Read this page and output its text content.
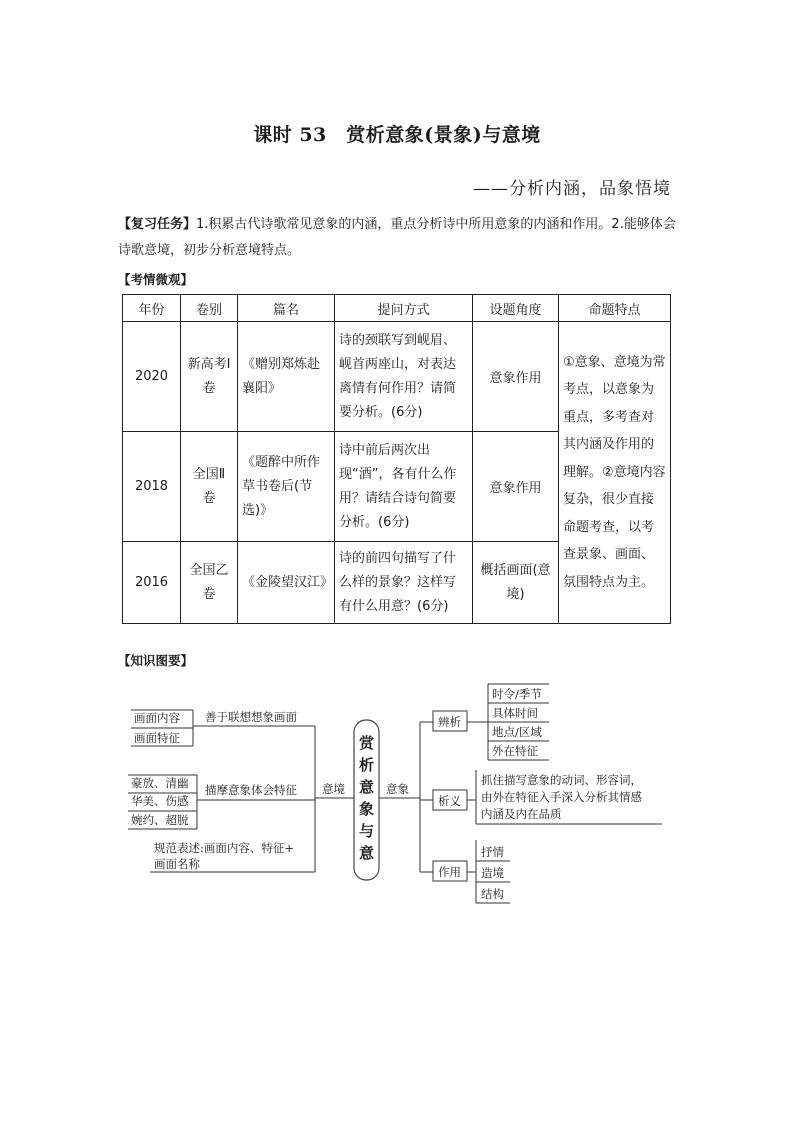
课时 53　赏析意象(景象)与意境
——分析内涵，品象悟境
【复习任务】1.积累古代诗歌常见意象的内涵，重点分析诗中所用意象的内涵和作用。2.能够体会诗歌意境，初步分析意境特点。
【考情微观】
年份	卷别	篇名	提问方式	设题角度	命题特点
2020	新高考Ⅰ卷	《赠别郑炼赴襄阳》	诗的颈联写到岘眉、岘首两座山，对表达离情有何作用？请简要分析。(6分)	意象作用	①意象、意境为常考点，以意象为重点，多考查对其内涵及作用的理解。②意境内容复杂，很少直接命题考查，以考查景象、画面、氛围特点为主。
2018	全国Ⅱ卷	《题醉中所作草书卷后(节选)》	诗中前后两次出现“酒”，各有什么作用？请结合诗句简要分析。(6分)	意象作用	
2016	全国乙卷	《金陵望汉江》	诗的前四句描写了什么样的景象？这样写有什么用意？(6分)	概括画面(意境)	
【知识图要】
赏
析
意
象
与
意
画面内容
画面特征
善于联想想象画面
豪放、清幽
华美、伤感
婉约、超脱
描摩意象体会特征
规范表述:画面内容、特征+
画面名称
意境	意象
辨析
时令/季节
具体时间
地点/区域
外在特征
析义
抓住描写意象的动词、形容词，
由外在特征入手深入分析其情感
内涵及内在品质
作用
抒情
造境
结构
